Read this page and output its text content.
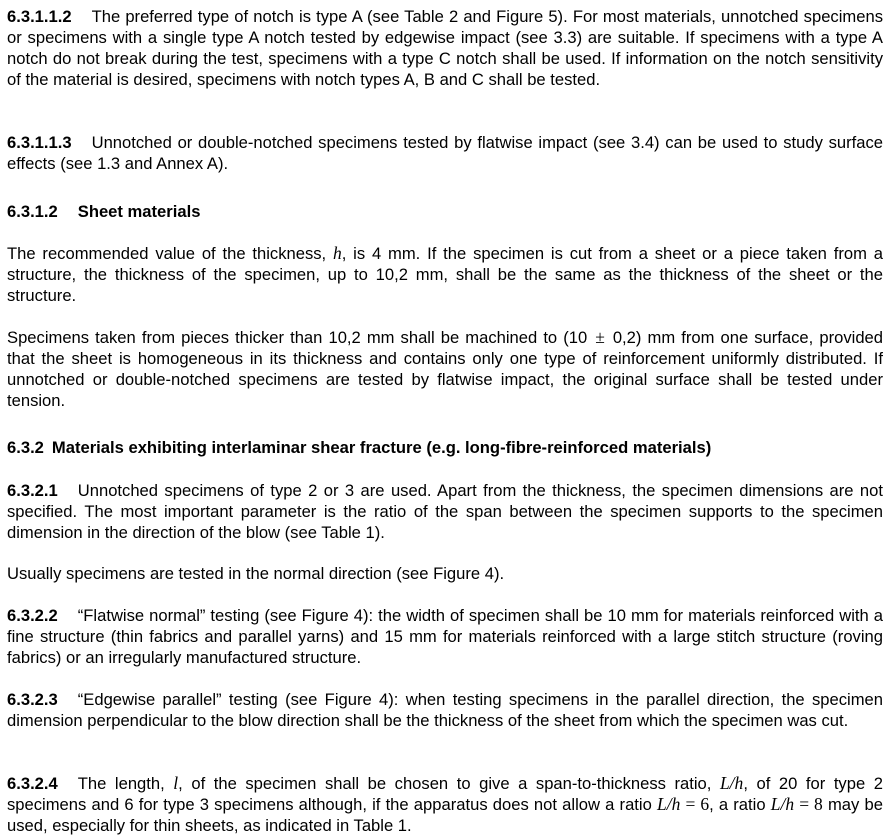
6.3.1.1.2 The preferred type of notch is type A (see Table 2 and Figure 5). For most materials, unnotched specimens or specimens with a single type A notch tested by edgewise impact (see 3.3) are suitable. If specimens with a type A notch do not break during the test, specimens with a type C notch shall be used. If information on the notch sensitivity of the material is desired, specimens with notch types A, B and C shall be tested.

6.3.1.1.3 Unnotched or double-notched specimens tested by flatwise impact (see 3.4) can be used to study surface effects (see 1.3 and Annex A).

6.3.1.2 Sheet materials

The recommended value of the thickness, h, is 4 mm. If the specimen is cut from a sheet or a piece taken from a structure, the thickness of the specimen, up to 10,2 mm, shall be the same as the thickness of the sheet or the structure.

Specimens taken from pieces thicker than 10,2 mm shall be machined to (10 ± 0,2) mm from one surface, provided that the sheet is homogeneous in its thickness and contains only one type of reinforcement uniformly distributed. If unnotched or double-notched specimens are tested by flatwise impact, the original surface shall be tested under tension.

6.3.2 Materials exhibiting interlaminar shear fracture (e.g. long-fibre-reinforced materials)

6.3.2.1 Unnotched specimens of type 2 or 3 are used. Apart from the thickness, the specimen dimensions are not specified. The most important parameter is the ratio of the span between the specimen supports to the specimen dimension in the direction of the blow (see Table 1).

Usually specimens are tested in the normal direction (see Figure 4).

6.3.2.2 “Flatwise normal” testing (see Figure 4): the width of specimen shall be 10 mm for materials reinforced with a fine structure (thin fabrics and parallel yarns) and 15 mm for materials reinforced with a large stitch structure (roving fabrics) or an irregularly manufactured structure.

6.3.2.3 “Edgewise parallel” testing (see Figure 4): when testing specimens in the parallel direction, the specimen dimension perpendicular to the blow direction shall be the thickness of the sheet from which the specimen was cut.

6.3.2.4 The length, l, of the specimen shall be chosen to give a span-to-thickness ratio, L/h, of 20 for type 2 specimens and 6 for type 3 specimens although, if the apparatus does not allow a ratio L/h = 6, a ratio L/h = 8 may be used, especially for thin sheets, as indicated in Table 1.
